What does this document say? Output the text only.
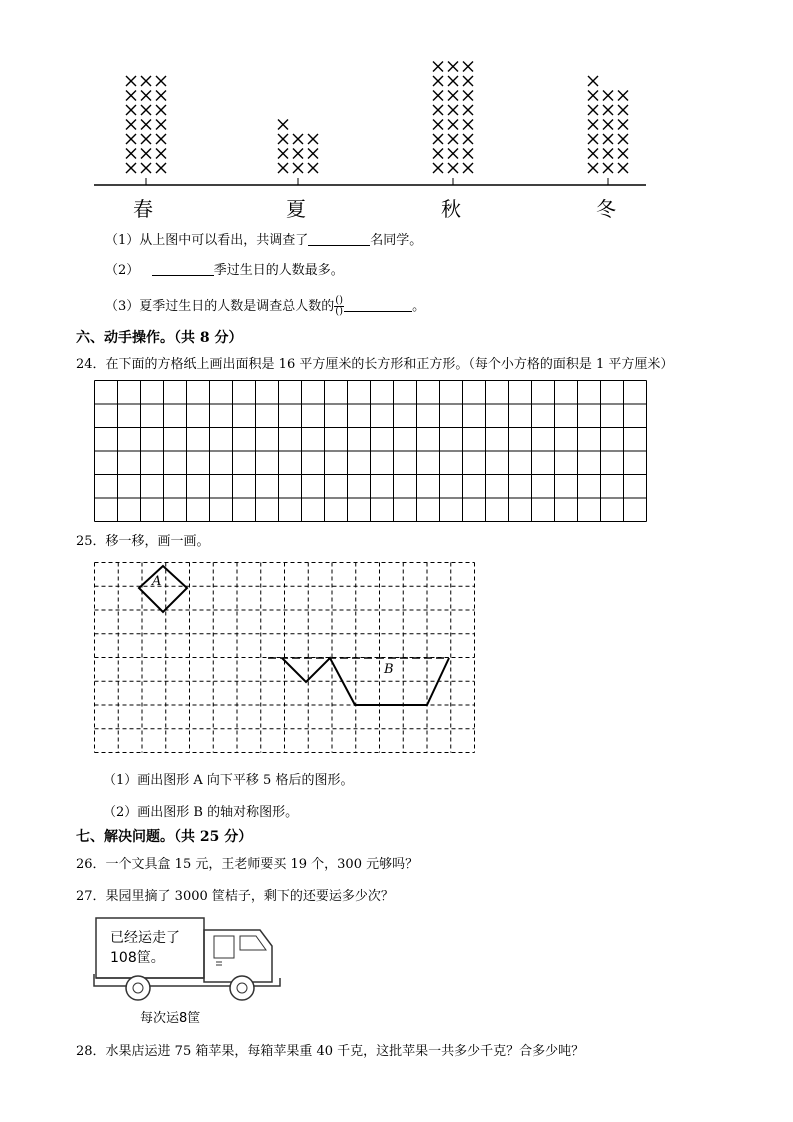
春	夏	秋	冬
（1）从上图中可以看出，共调查了	名同学。
（2）	季过生日的人数最多。
（3）夏季过生日的人数是调查总人数的 $\frac{()}{()}$	。
六、动手操作。（共 8 分）
24．在下面的方格纸上画出面积是 16 平方厘米的长方形和正方形。（每个小方格的面积是 1 平方厘米）
25．移一移，画一画。
A
B
（1）画出图形 A 向下平移 5 格后的图形。
（2）画出图形 B 的轴对称图形。
七、解决问题。（共 25 分）
26．一个文具盒 15 元，王老师要买 19 个，300 元够吗？
27．果园里摘了 3000 筐桔子，剩下的还要运多少次？
已经运走了
108筐。
每次运8筐
28．水果店运进 75 箱苹果，每箱苹果重 40 千克，这批苹果一共多少千克？合多少吨？
